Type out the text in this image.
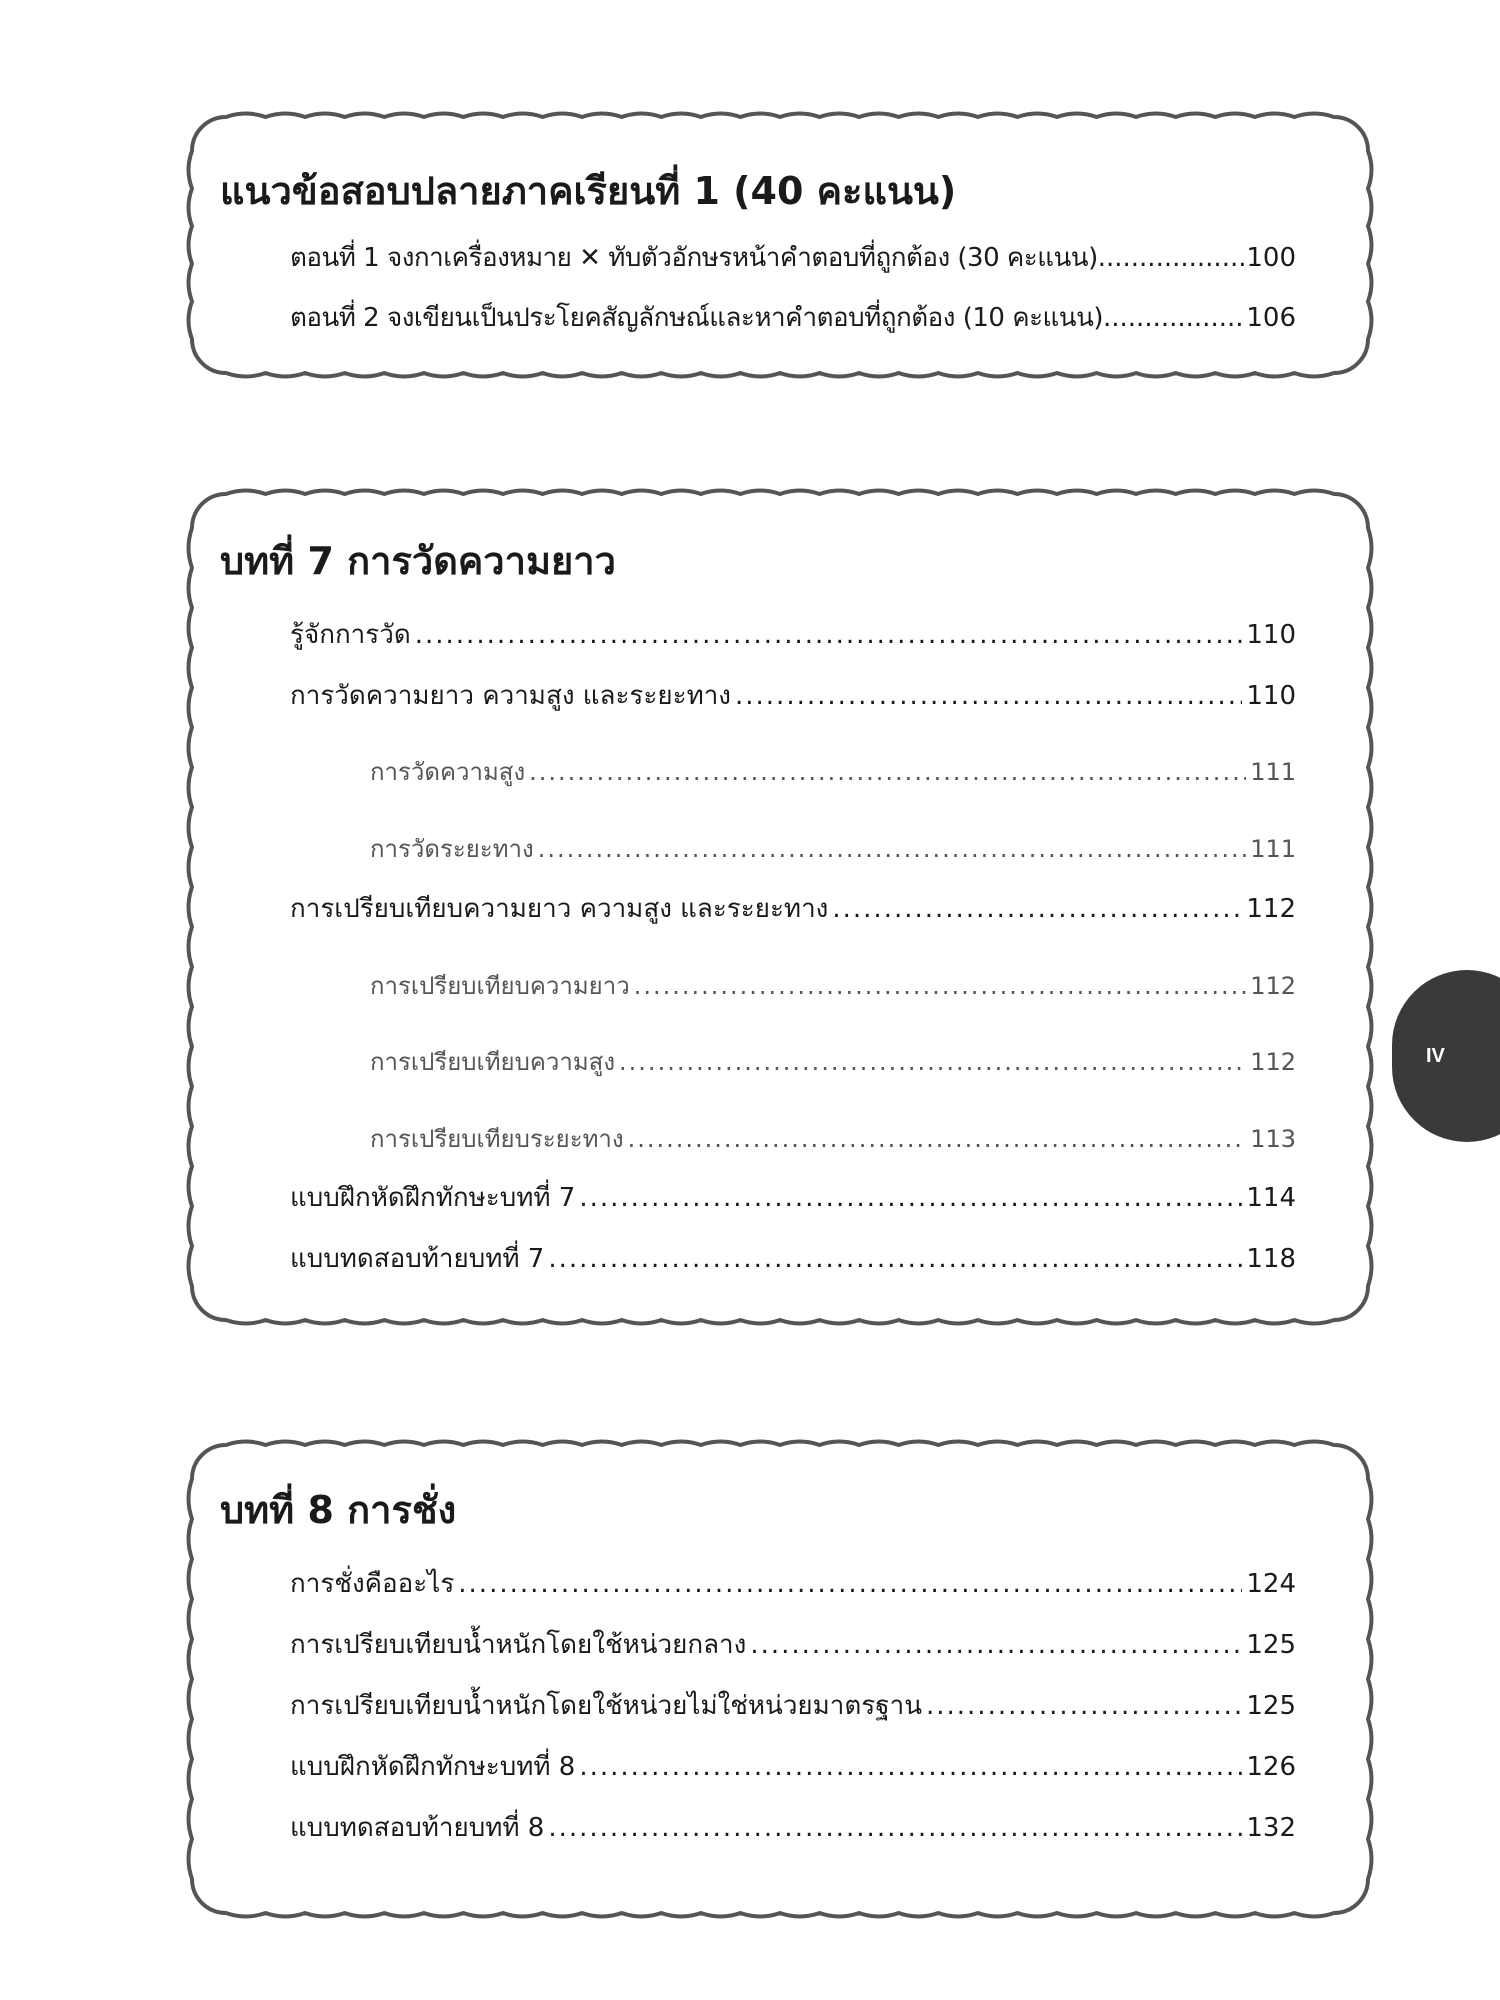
แนวข้อสอบปลายภาคเรียนที่ 1 (40 คะแนน)
ตอนที่ 1 จงกาเครื่องหมาย ✕ ทับตัวอักษรหน้าคำตอบที่ถูกต้อง (30 คะแนน) .....	100
ตอนที่ 2 จงเขียนเป็นประโยคสัญลักษณ์และหาคำตอบที่ถูกต้อง (10 คะแนน) .....	106
บทที่ 7 การวัดความยาว
รู้จักการวัด .....	110
การวัดความยาว ความสูง และระยะทาง .....	110
การวัดความสูง .....	111
การวัดระยะทาง .....	111
การเปรียบเทียบความยาว ความสูง และระยะทาง .....	112
การเปรียบเทียบความยาว .....	112
การเปรียบเทียบความสูง .....	112
การเปรียบเทียบระยะทาง .....	113
แบบฝึกหัดฝึกทักษะบทที่ 7 .....	114
แบบทดสอบท้ายบทที่ 7 .....	118
บทที่ 8 การชั่ง
การชั่งคืออะไร .....	124
การเปรียบเทียบน้ำหนักโดยใช้หน่วยกลาง .....	125
การเปรียบเทียบน้ำหนักโดยใช้หน่วยไม่ใช่หน่วยมาตรฐาน .....	125
แบบฝึกหัดฝึกทักษะบทที่ 8 .....	126
แบบทดสอบท้ายบทที่ 8 .....	132
IV
